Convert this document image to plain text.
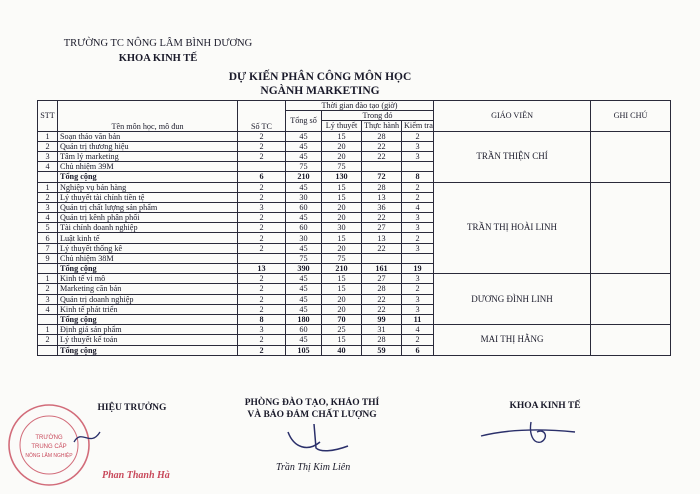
TRƯỜNG TC NÔNG LÂM BÌNH DƯƠNG
KHOA KINH TẾ
DỰ KIẾN PHÂN CÔNG MÔN HỌC
NGÀNH MARKETING
STT	Tên môn học, mô đun	Số TC	Thời gian đào tạo (giờ)				GIÁO VIÊN	GHI CHÚ
			Tổng số	Trong đó				
				Lý thuyết	Thực hành	Kiểm tra		
1	Soạn thảo văn bản	2	45	15	28	2	TRẦN THIỆN CHÍ	
2	Quản trị thương hiệu	2	45	20	22	3		
3	Tâm lý marketing	2	45	20	22	3		
4	Chủ nhiệm 39M		75	75				
	Tổng cộng	6	210	130	72	8		
1	Nghiệp vụ bán hàng	2	45	15	28	2	TRẦN THỊ HOÀI LINH	
2	Lý thuyết tài chính tiền tệ	2	30	15	13	2		
3	Quản trị chất lượng sản phẩm	3	60	20	36	4		
4	Quản trị kênh phân phối	2	45	20	22	3		
5	Tài chính doanh nghiệp	2	60	30	27	3		
6	Luật kinh tế	2	30	15	13	2		
7	Lý thuyết thống kê	2	45	20	22	3		
9	Chủ nhiệm 38M		75	75				
	Tổng cộng	13	390	210	161	19		
1	Kinh tế vi mô	2	45	15	27	3	DƯƠNG ĐÌNH LINH	
2	Marketing căn bản	2	45	15	28	2		
3	Quản trị doanh nghiệp	2	45	20	22	3		
4	Kinh tế phát triển	2	45	20	22	3		
	Tổng cộng	8	180	70	99	11		
1	Định giá sản phẩm	3	60	25	31	4	MAI THỊ HẰNG	
2	Lý thuyết kế toán	2	45	15	28	2		
	Tổng cộng	2	105	40	59	6		
TRƯỜNG
TRUNG CẤP
NÔNG LÂM NGHIỆP
HIỆU TRƯỞNG	PHÒNG ĐÀO TẠO, KHẢO THÍ
VÀ BẢO ĐẢM CHẤT LƯỢNG
KHOA KINH TẾ
Trần Thị Kim Liên
Phan Thanh Hà
